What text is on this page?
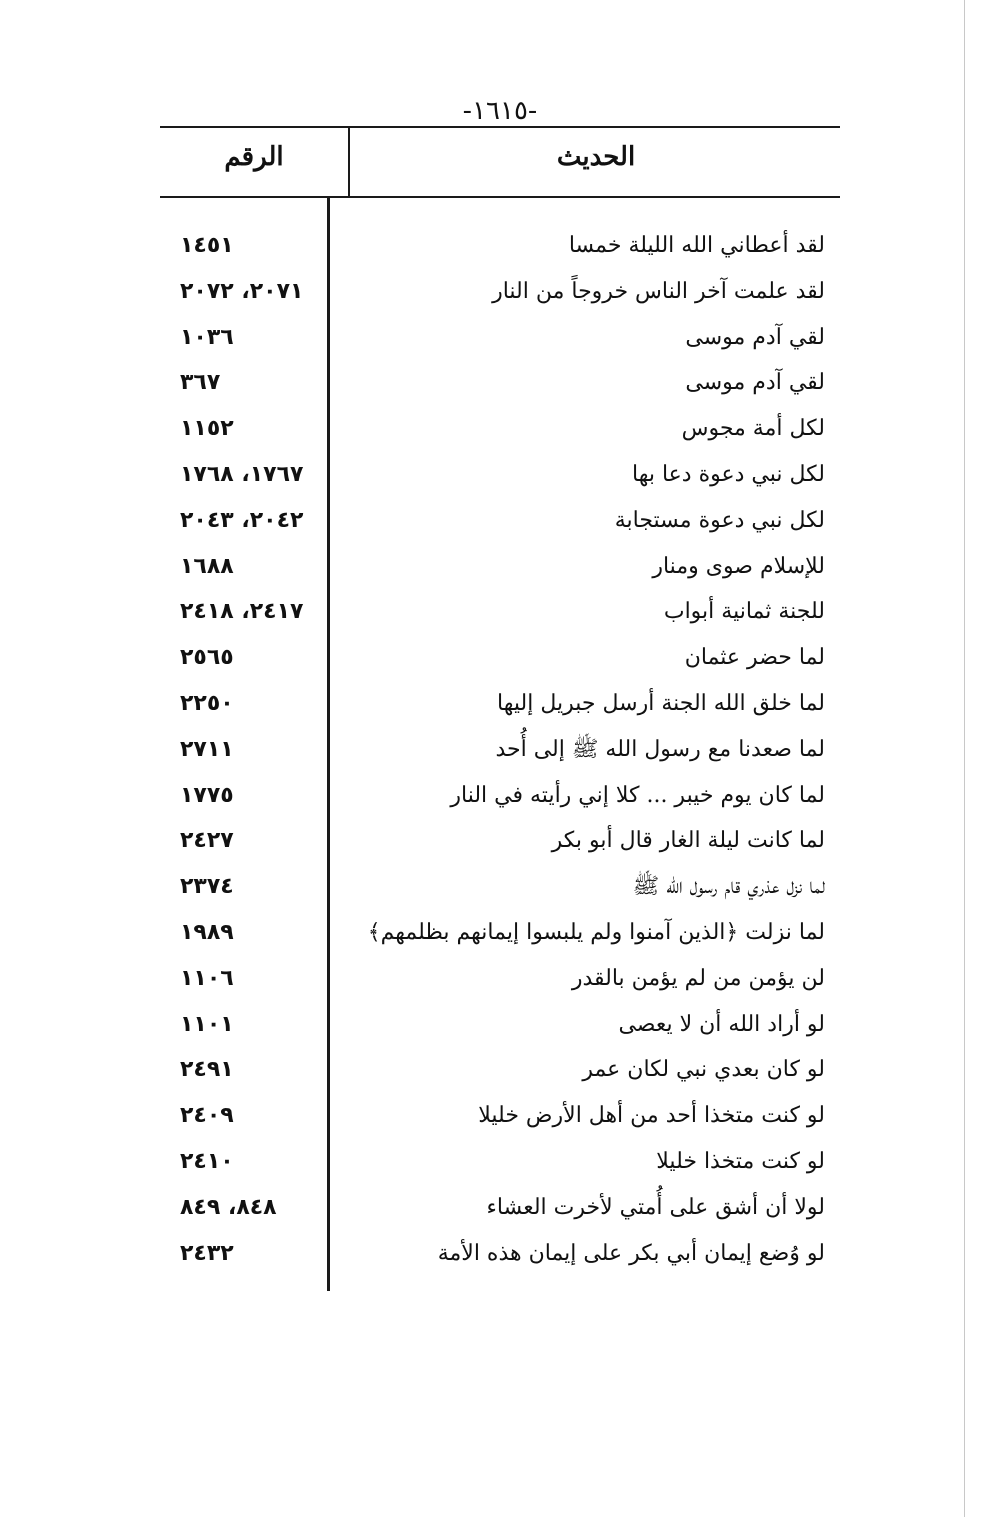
-١٦١٥-
الحديث
الرقم
لقد أعطاني الله الليلة خمسا
١٤٥١
لقد علمت آخر الناس خروجاً من النار
٢٠٧١، ٢٠٧٢
لقي آدم موسى
١٠٣٦
لقي آدم موسى
٣٦٧
لكل أمة مجوس
١١٥٢
لكل نبي دعوة دعا بها
١٧٦٧، ١٧٦٨
لكل نبي دعوة مستجابة
٢٠٤٢، ٢٠٤٣
للإسلام صوى ومنار
١٦٨٨
للجنة ثمانية أبواب
٢٤١٧، ٢٤١٨
لما حضر عثمان
٢٥٦٥
لما خلق الله الجنة أرسل جبريل إليها
٢٢٥٠
لما صعدنا مع رسول الله ﷺ إلى أُحد
٢٧١١
لما كان يوم خيبر ... كلا إني رأيته في النار
١٧٧٥
لما كانت ليلة الغار قال أبو بكر
٢٤٢٧
لما نزل عذري قام رسول الله ﷺ
٢٣٧٤
لما نزلت ﴿الذين آمنوا ولم يلبسوا إيمانهم بظلمهم﴾
١٩٨٩
لن يؤمن من لم يؤمن بالقدر
١١٠٦
لو أراد الله أن لا يعصى
١١٠١
لو كان بعدي نبي لكان عمر
٢٤٩١
لو كنت متخذا أحد من أهل الأرض خليلا
٢٤٠٩
لو كنت متخذا خليلا
٢٤١٠
لولا أن أشق على أُمتي لأخرت العشاء
٨٤٨، ٨٤٩
لو وُضع إيمان أبي بكر على إيمان هذه الأمة
٢٤٣٢
